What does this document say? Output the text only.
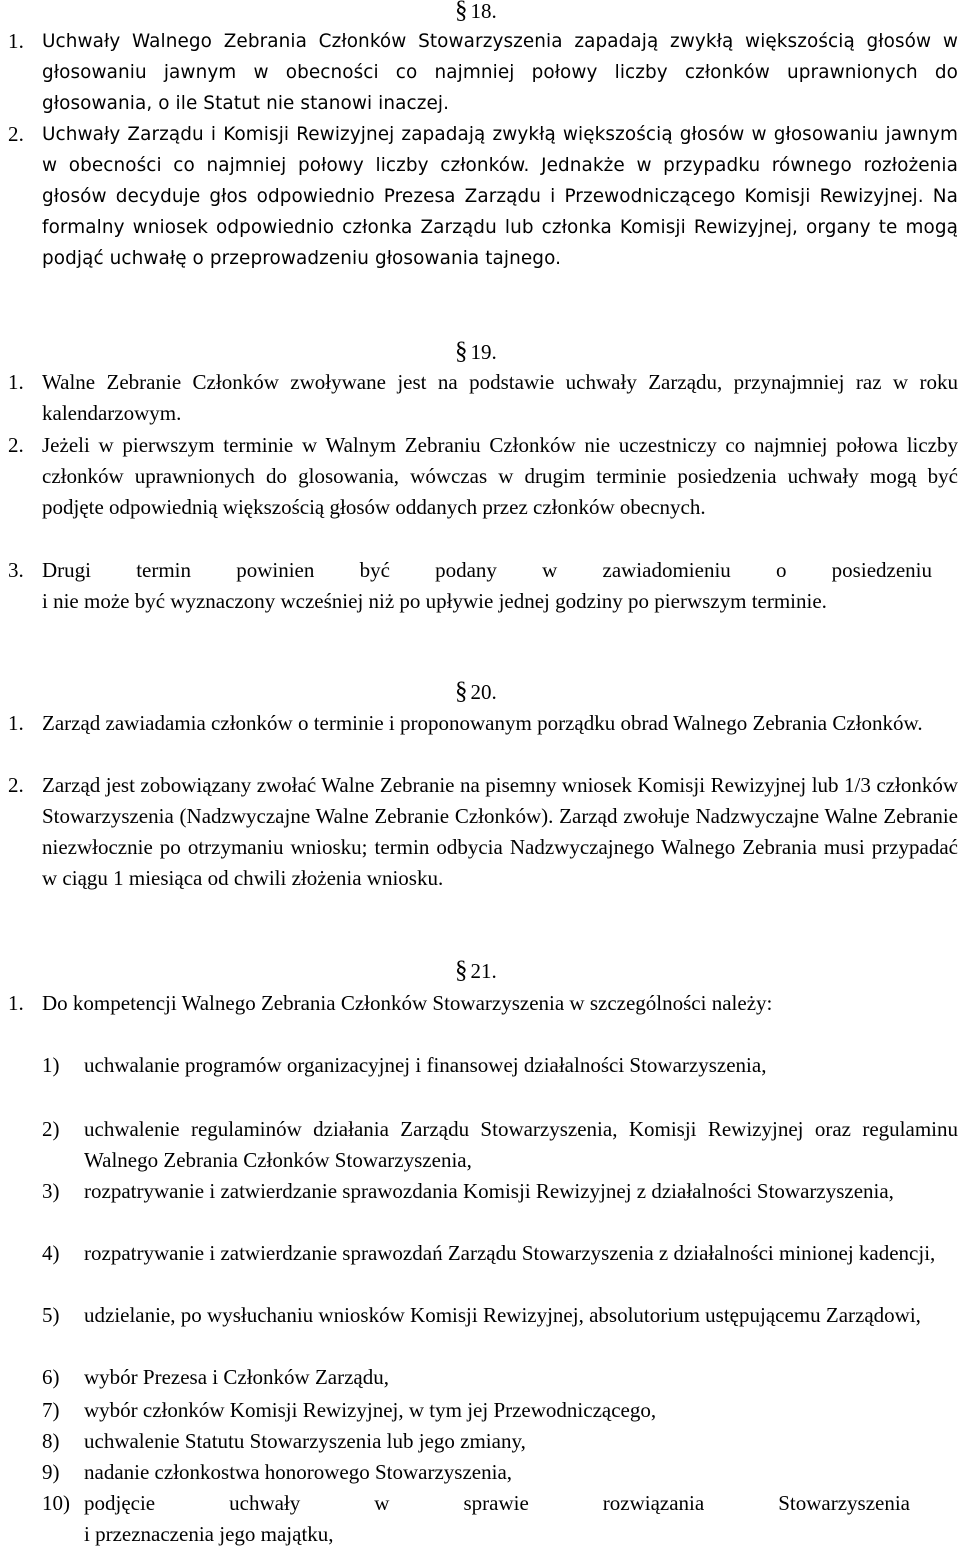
§ 18.
1. Uchwały Walnego Zebrania Członków Stowarzyszenia zapadają zwykłą większością głosów w głosowaniu jawnym w obecności co najmniej połowy liczby członków uprawnionych do głosowania, o ile Statut nie stanowi inaczej.
2. Uchwały Zarządu i Komisji Rewizyjnej zapadają zwykłą większością głosów w głosowaniu jawnym w obecności co najmniej połowy liczby członków. Jednakże w przypadku równego rozłożenia głosów decyduje głos odpowiednio Prezesa Zarządu i Przewodniczącego Komisji Rewizyjnej. Na formalny wniosek odpowiednio członka Zarządu lub członka Komisji Rewizyjnej, organy te mogą podjąć uchwałę o przeprowadzeniu głosowania tajnego.
§ 19.
1. Walne Zebranie Członków zwoływane jest na podstawie uchwały Zarządu, przynajmniej raz w roku kalendarzowym.
2. Jeżeli w pierwszym terminie w Walnym Zebraniu Członków nie uczestniczy co najmniej połowa liczby członków uprawnionych do glosowania, wówczas w drugim terminie posiedzenia uchwały mogą być podjęte odpowiednią większością głosów oddanych przez członków obecnych.
3. Drugi termin powinien być podany w zawiadomieniu o posiedzeniu
i nie może być wyznaczony wcześniej niż po upływie jednej godziny po pierwszym terminie.
§ 20.
1. Zarząd zawiadamia członków o terminie i proponowanym porządku obrad Walnego Zebrania Członków.
2. Zarząd jest zobowiązany zwołać Walne Zebranie na pisemny wniosek Komisji Rewizyjnej lub 1/3 członków Stowarzyszenia (Nadzwyczajne Walne Zebranie Członków). Zarząd zwołuje Nadzwyczajne Walne Zebranie niezwłocznie po otrzymaniu wniosku; termin odbycia Nadzwyczajnego Walnego Zebrania musi przypadać w ciągu 1 miesiąca od chwili złożenia wniosku.
§ 21.
1. Do kompetencji Walnego Zebrania Członków Stowarzyszenia w szczególności należy:
1) uchwalanie programów organizacyjnej i finansowej działalności Stowarzyszenia,
2) uchwalenie regulaminów działania Zarządu Stowarzyszenia, Komisji Rewizyjnej oraz regulaminu Walnego Zebrania Członków Stowarzyszenia,
3) rozpatrywanie i zatwierdzanie sprawozdania Komisji Rewizyjnej z działalności Stowarzyszenia,
4) rozpatrywanie i zatwierdzanie sprawozdań Zarządu Stowarzyszenia z działalności minionej kadencji,
5) udzielanie, po wysłuchaniu wniosków Komisji Rewizyjnej, absolutorium ustępującemu Zarządowi,
6) wybór Prezesa i Członków Zarządu,
7) wybór członków Komisji Rewizyjnej, w tym jej Przewodniczącego,
8) uchwalenie Statutu Stowarzyszenia lub jego zmiany,
9) nadanie członkostwa honorowego Stowarzyszenia,
10) podjęcie uchwały w sprawie rozwiązania Stowarzyszenia
i przeznaczenia jego majątku,
